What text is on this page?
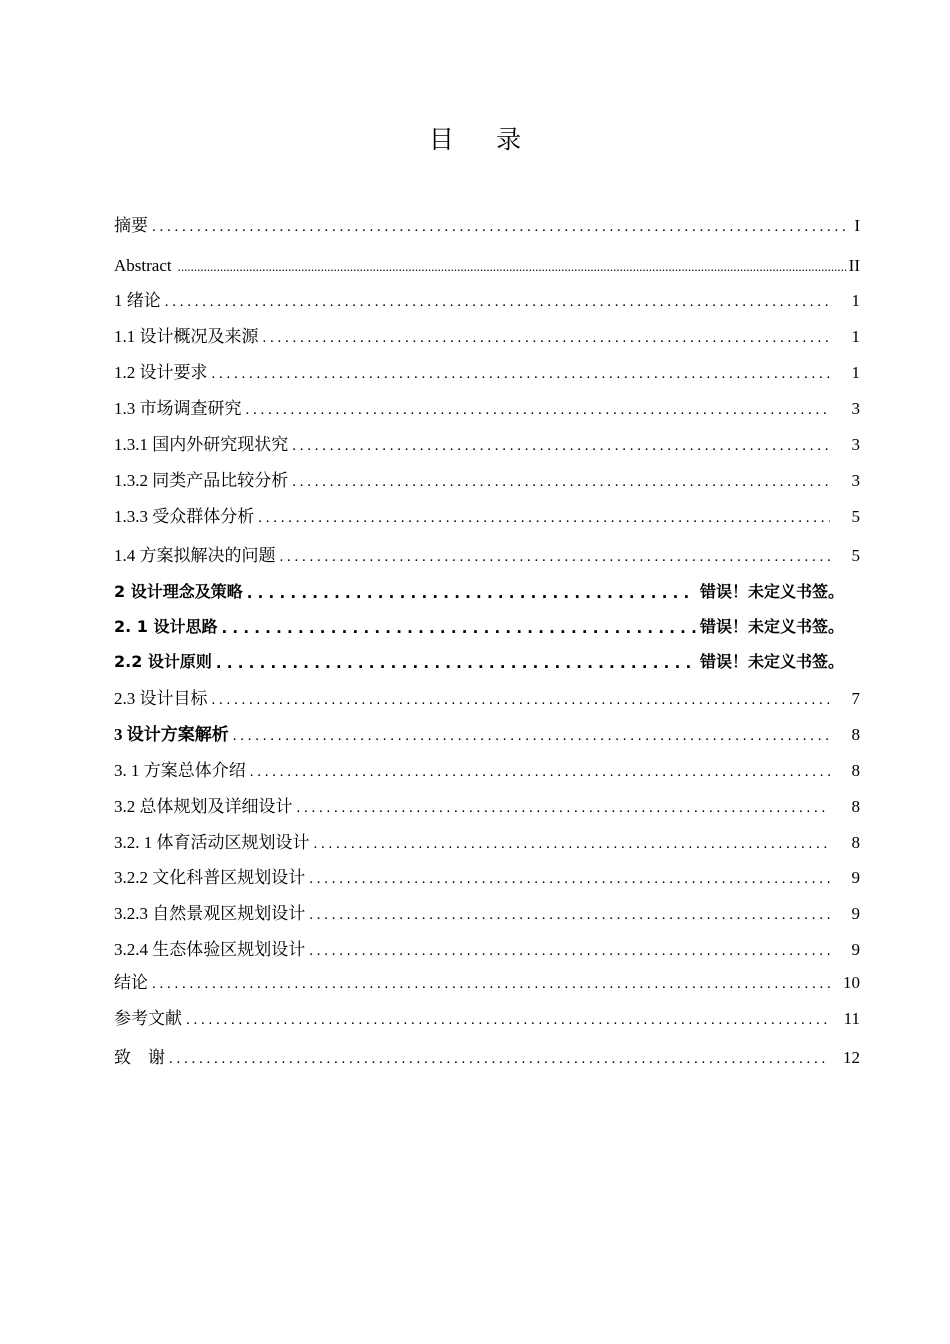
目 录
摘要 . . .	I
Abstract .....	II
1 绪论 . . .	1
1.1 设计概况及来源 . . .	1
1.2 设计要求 . . .	1
1.3 市场调查研究 . . .	3
1.3.1 国内外研究现状究 . . .	3
1.3.2 同类产品比较分析 . . .	3
1.3.3 受众群体分析 . . .	5
1.4 方案拟解决的问题 . . .	5
2 设计理念及策略 . . .	错误！未定义书签。
2. 1 设计思路 . . .	错误！未定义书签。
2.2 设计原则 . . .	错误！未定义书签。
2.3 设计目标 . . .	7
3 设计方案解析 . . .	8
3. 1 方案总体介绍 . . .	8
3.2 总体规划及详细设计 . . .	8
3.2. 1 体育活动区规划设计 . . .	8
3.2.2 文化科普区规划设计 . . .	9
3.2.3 自然景观区规划设计 . . .	9
3.2.4 生态体验区规划设计 . . .	9
结论 . . .	10
参考文献 . . .	11
致    谢 . . .	12
